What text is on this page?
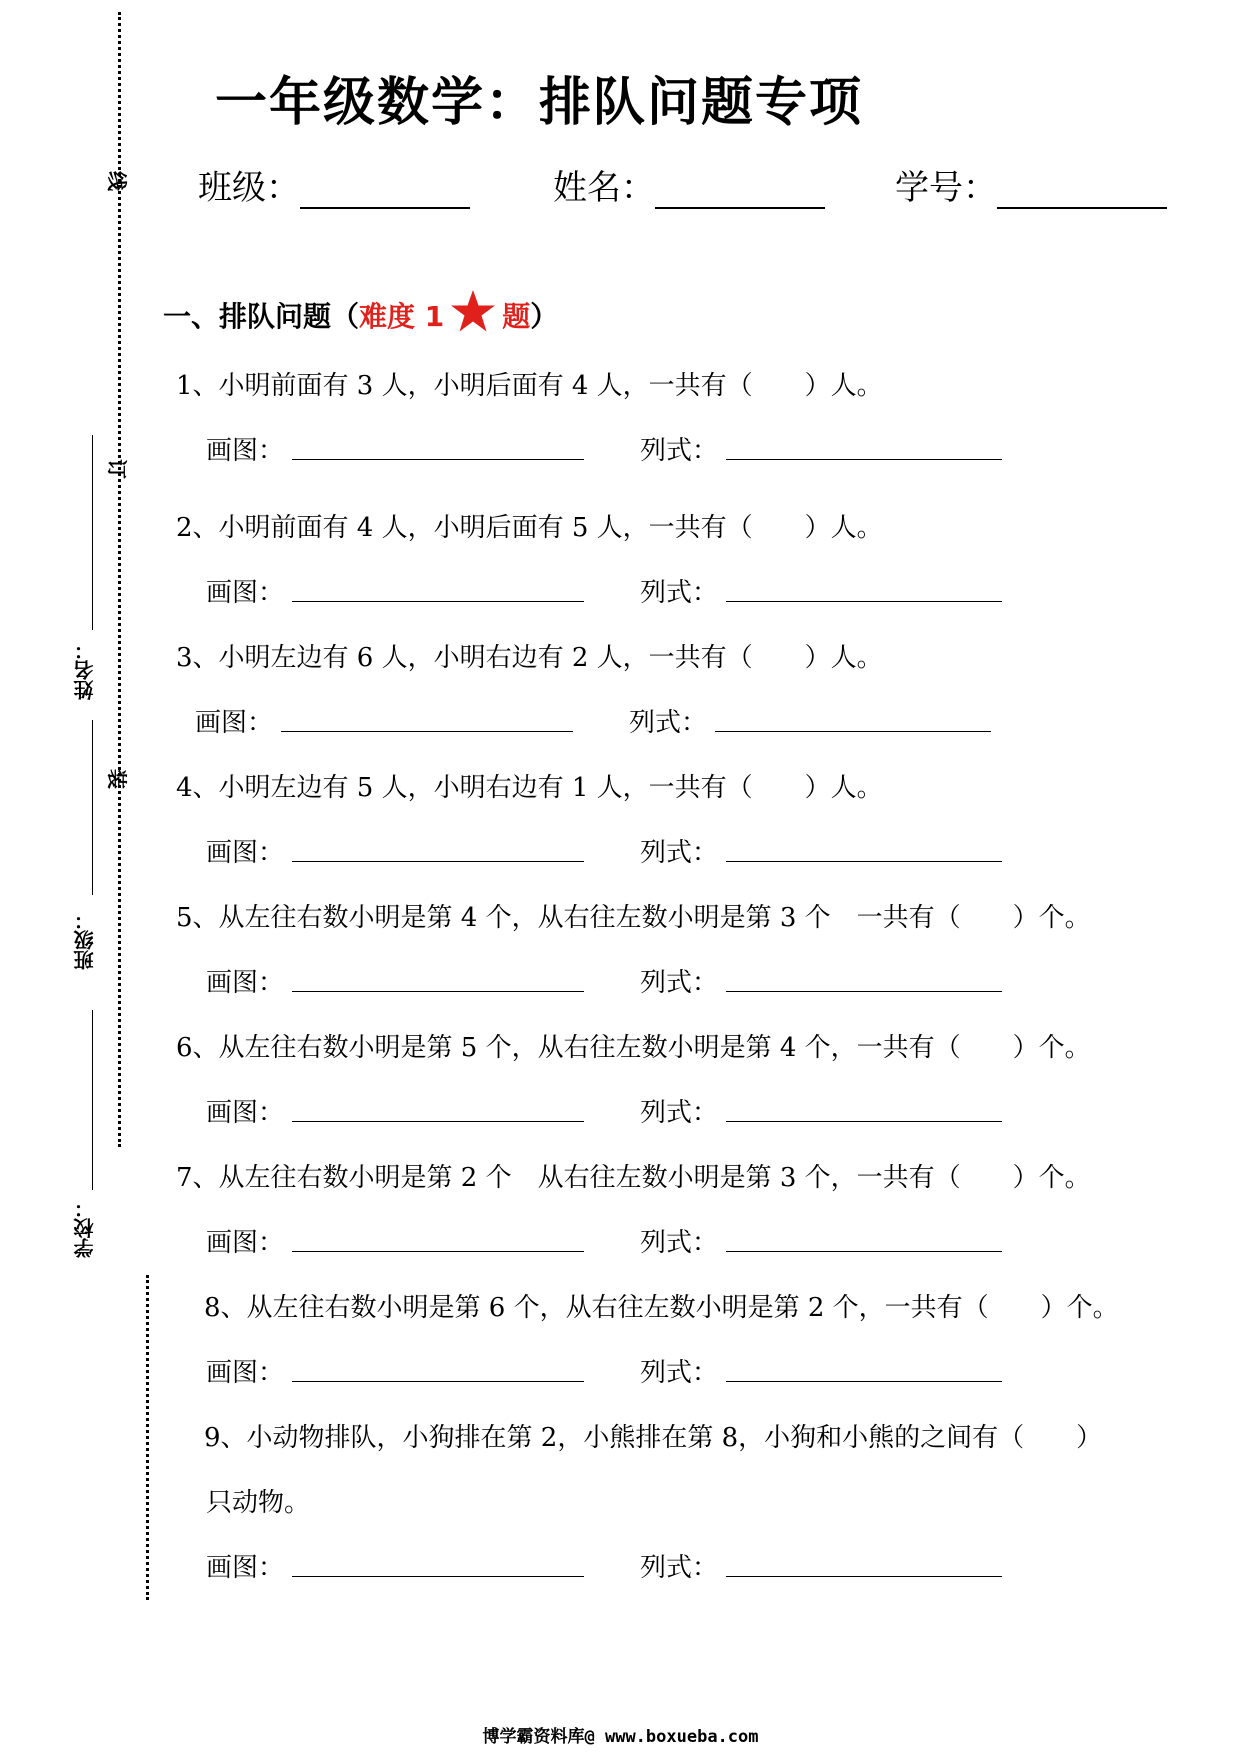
线
订
装
姓名：
班级：
学校：
一年级数学：排队问题专项
班级：	姓名：	学号：
一、排队问题（难度 1 题）
1、小明前面有 3 人，小明后面有 4 人，一共有（　　）人。
画图：	列式：
2、小明前面有 4 人，小明后面有 5 人，一共有（　　）人。
画图：	列式：
3、小明左边有 6 人，小明右边有 2 人，一共有（　　）人。
画图：	列式：
4、小明左边有 5 人，小明右边有 1 人，一共有（　　）人。
画图：	列式：
5、从左往右数小明是第 4 个，从右往左数小明是第 3 个　一共有（　　）个。
画图：	列式：
6、从左往右数小明是第 5 个，从右往左数小明是第 4 个，一共有（　　）个。
画图：	列式：
7、从左往右数小明是第 2 个　从右往左数小明是第 3 个，一共有（　　）个。
画图：	列式：
8、从左往右数小明是第 6 个，从右往左数小明是第 2 个，一共有（　　）个。
画图：	列式：
9、小动物排队，小狗排在第 2，小熊排在第 8，小狗和小熊的之间有（　　）
只动物。
画图：	列式：
博学霸资料库@ www.boxueba.com
